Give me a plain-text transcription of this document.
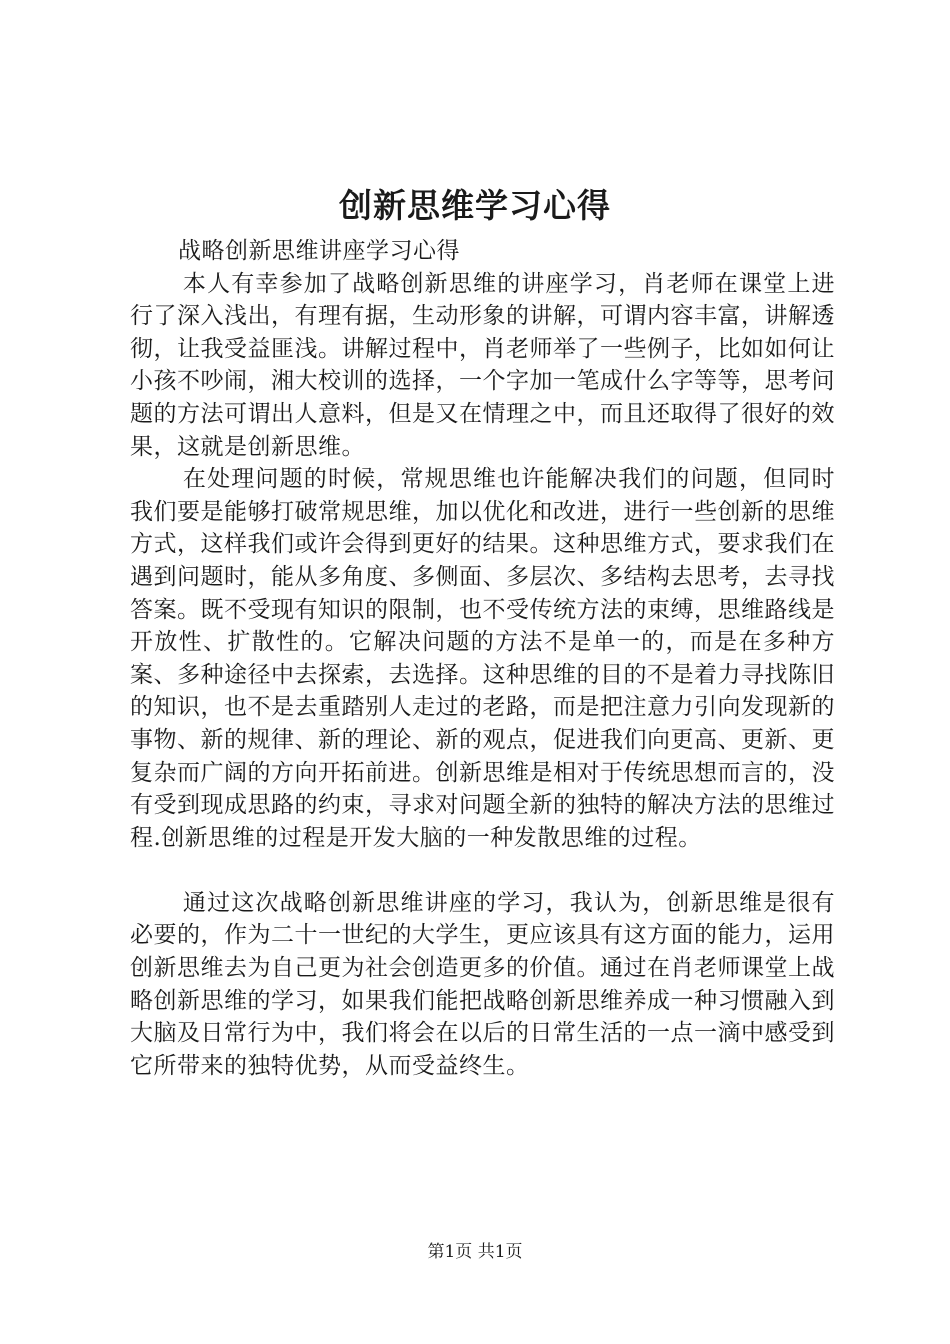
创新思维学习心得

战略创新思维讲座学习心得

本人有幸参加了战略创新思维的讲座学习，肖老师在课堂上进行了深入浅出，有理有据，生动形象的讲解，可谓内容丰富，讲解透彻，让我受益匪浅。讲解过程中，肖老师举了一些例子，比如如何让小孩不吵闹，湘大校训的选择，一个字加一笔成什么字等等，思考问题的方法可谓出人意料，但是又在情理之中，而且还取得了很好的效果，这就是创新思维。

在处理问题的时候，常规思维也许能解决我们的问题，但同时我们要是能够打破常规思维，加以优化和改进，进行一些创新的思维方式，这样我们或许会得到更好的结果。这种思维方式，要求我们在遇到问题时，能从多角度、多侧面、多层次、多结构去思考，去寻找答案。既不受现有知识的限制，也不受传统方法的束缚，思维路线是开放性、扩散性的。它解决问题的方法不是单一的，而是在多种方案、多种途径中去探索，去选择。这种思维的目的不是着力寻找陈旧的知识，也不是去重踏别人走过的老路，而是把注意力引向发现新的事物、新的规律、新的理论、新的观点，促进我们向更高、更新、更复杂而广阔的方向开拓前进。创新思维是相对于传统思想而言的，没有受到现成思路的约束，寻求对问题全新的独特的解决方法的思维过程.创新思维的过程是开发大脑的一种发散思维的过程。

通过这次战略创新思维讲座的学习，我认为，创新思维是很有必要的，作为二十一世纪的大学生，更应该具有这方面的能力，运用创新思维去为自己更为社会创造更多的价值。通过在肖老师课堂上战略创新思维的学习，如果我们能把战略创新思维养成一种习惯融入到大脑及日常行为中，我们将会在以后的日常生活的一点一滴中感受到它所带来的独特优势，从而受益终生。

第1页 共1页
